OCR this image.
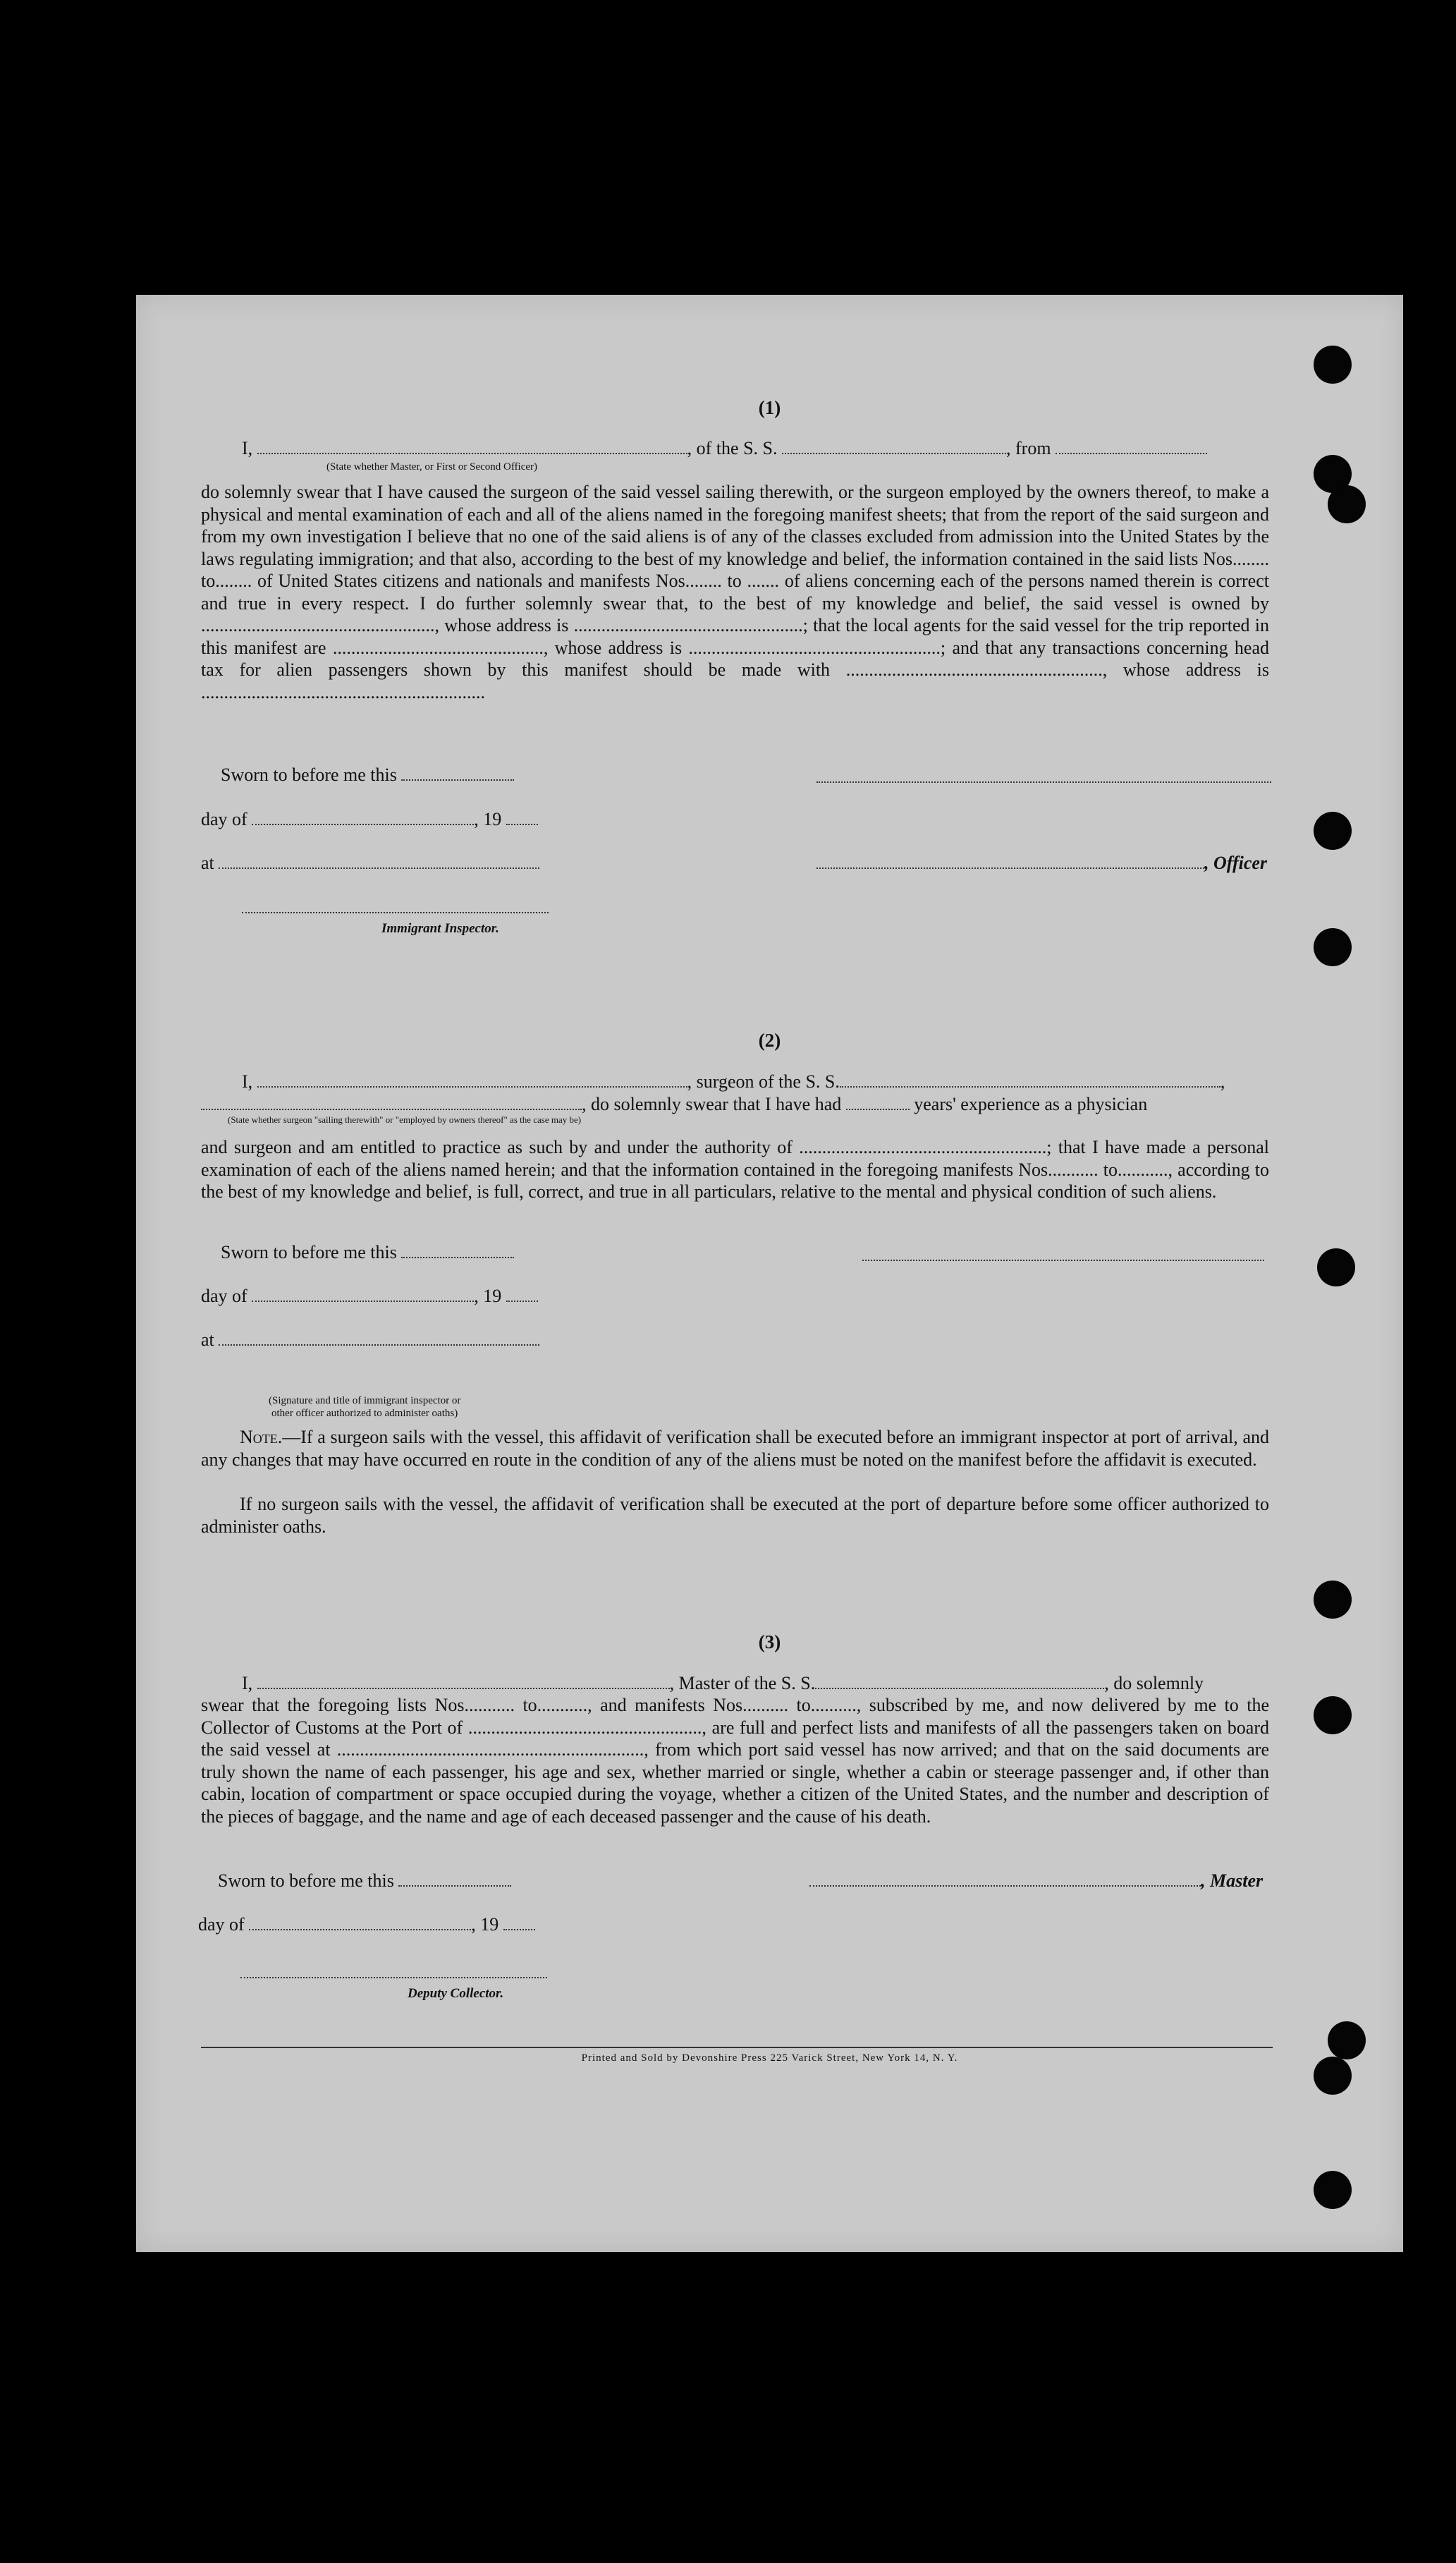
(1)
I,	, of the S. S.	, from
(State whether Master, or First or Second Officer)
do solemnly swear that I have caused the surgeon of the said vessel sailing therewith, or the surgeon employed by the owners thereof, to make a physical and mental examination of each and all of the aliens named in the foregoing manifest sheets; that from the report of the said surgeon and from my own investigation I believe that no one of the said aliens is of any of the classes excluded from admission into the United States by the laws regulating immigration; and that also, according to the best of my knowledge and belief, the information contained in the said lists Nos........ to........ of United States citizens and nationals and manifests Nos........ to ....... of aliens concerning each of the persons named therein is correct and true in every respect. I do further solemnly swear that, to the best of my knowledge and belief, the said vessel is owned by ..................................................., whose address is ..................................................; that the local agents for the said vessel for the trip reported in this manifest are .............................................., whose address is .......................................................; and that any transactions concerning head tax for alien passengers shown by this manifest should be made with ........................................................, whose address is ..............................................................
Sworn to before me this
day of	, 19
at	, Officer
Immigrant Inspector.
(2)
I,	, surgeon of the S. S.	,
, do solemnly swear that I have had	years' experience as a physician
(State whether surgeon "sailing therewith" or "employed by owners thereof" as the case may be)
and surgeon and am entitled to practice as such by and under the authority of ......................................................; that I have made a personal examination of each of the aliens named herein; and that the information contained in the foregoing manifests Nos........... to..........., according to the best of my knowledge and belief, is full, correct, and true in all particulars, relative to the mental and physical condition of such aliens.
Sworn to before me this
day of	, 19
at
(Signature and title of immigrant inspector or
other officer authorized to administer oaths)
Note.—If a surgeon sails with the vessel, this affidavit of verification shall be executed before an immigrant inspector at port of arrival, and any changes that may have occurred en route in the condition of any of the aliens must be noted on the manifest before the affidavit is executed.
If no surgeon sails with the vessel, the affidavit of verification shall be executed at the port of departure before some officer authorized to administer oaths.
(3)
I,	, Master of the S. S.	, do solemnly
swear that the foregoing lists Nos........... to..........., and manifests Nos.......... to.........., subscribed by me, and now delivered by me to the Collector of Customs at the Port of ..................................................., are full and perfect lists and manifests of all the passengers taken on board the said vessel at ..................................................................., from which port said vessel has now arrived; and that on the said documents are truly shown the name of each passenger, his age and sex, whether married or single, whether a cabin or steerage passenger and, if other than cabin, location of compartment or space occupied during the voyage, whether a citizen of the United States, and the number and description of the pieces of baggage, and the name and age of each deceased passenger and the cause of his death.
Sworn to before me this	, Master
day of	, 19
Deputy Collector.
Printed and Sold by Devonshire Press 225 Varick Street, New York 14, N. Y.
